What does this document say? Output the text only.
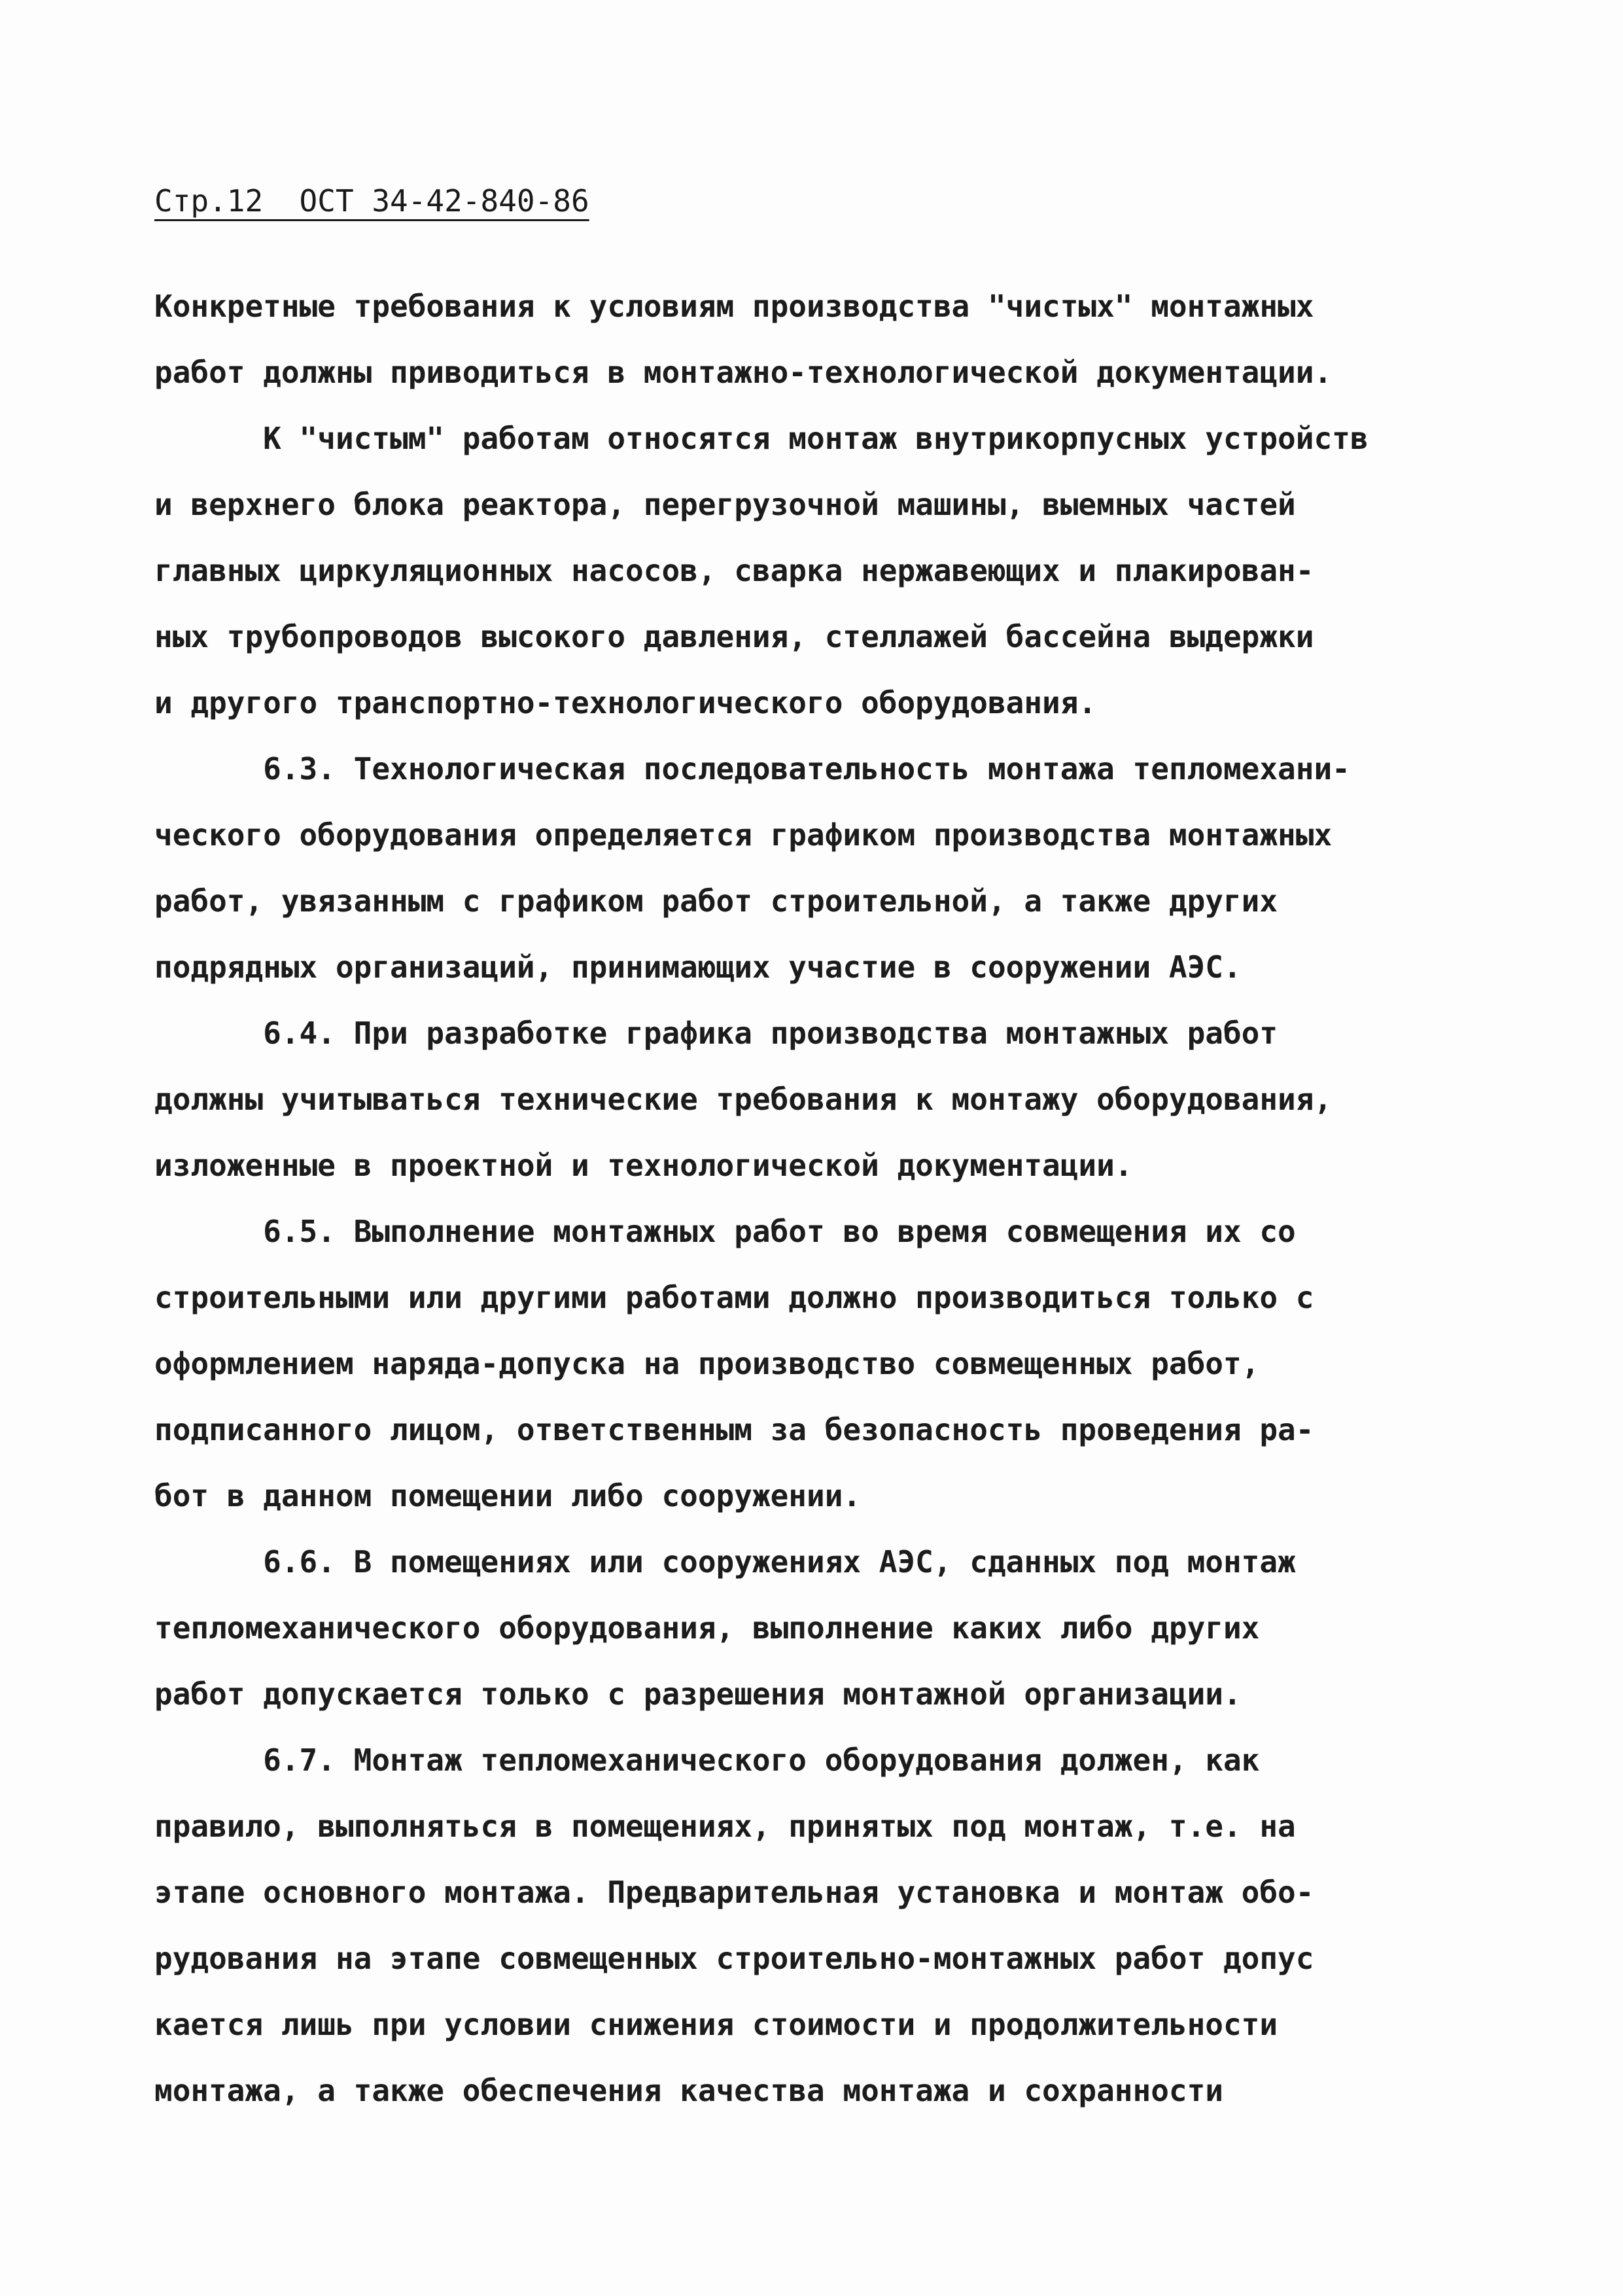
Стр.12  ОСТ 34-42-840-86
Конкретные требования к условиям производства "чистых" монтажных
работ должны приводиться в монтажно-технологической документации.
К "чистым" работам относятся монтаж внутрикорпусных устройств
и верхнего блока реактора, перегрузочной машины, выемных частей
главных циркуляционных насосов, сварка нержавеющих и плакирован-
ных трубопроводов высокого давления, стеллажей бассейна выдержки
и другого транспортно-технологического оборудования.
6.3. Технологическая последовательность монтажа тепломехани-
ческого оборудования определяется графиком производства монтажных
работ, увязанным с графиком работ строительной, а также других
подрядных организаций, принимающих участие в сооружении АЭС.
6.4. При разработке графика производства монтажных работ
должны учитываться технические требования к монтажу оборудования,
изложенные в проектной и технологической документации.
6.5. Выполнение монтажных работ во время совмещения их со
строительными или другими работами должно производиться только с
оформлением наряда-допуска на производство совмещенных работ,
подписанного лицом, ответственным за безопасность проведения ра-
бот в данном помещении либо сооружении.
6.6. В помещениях или сооружениях АЭС, сданных под монтаж
тепломеханического оборудования, выполнение каких либо других
работ допускается только с разрешения монтажной организации.
6.7. Монтаж тепломеханического оборудования должен, как
правило, выполняться в помещениях, принятых под монтаж, т.е. на
этапе основного монтажа. Предварительная установка и монтаж обо-
рудования на этапе совмещенных строительно-монтажных работ допус
кается лишь при условии снижения стоимости и продолжительности
монтажа, а также обеспечения качества монтажа и сохранности
